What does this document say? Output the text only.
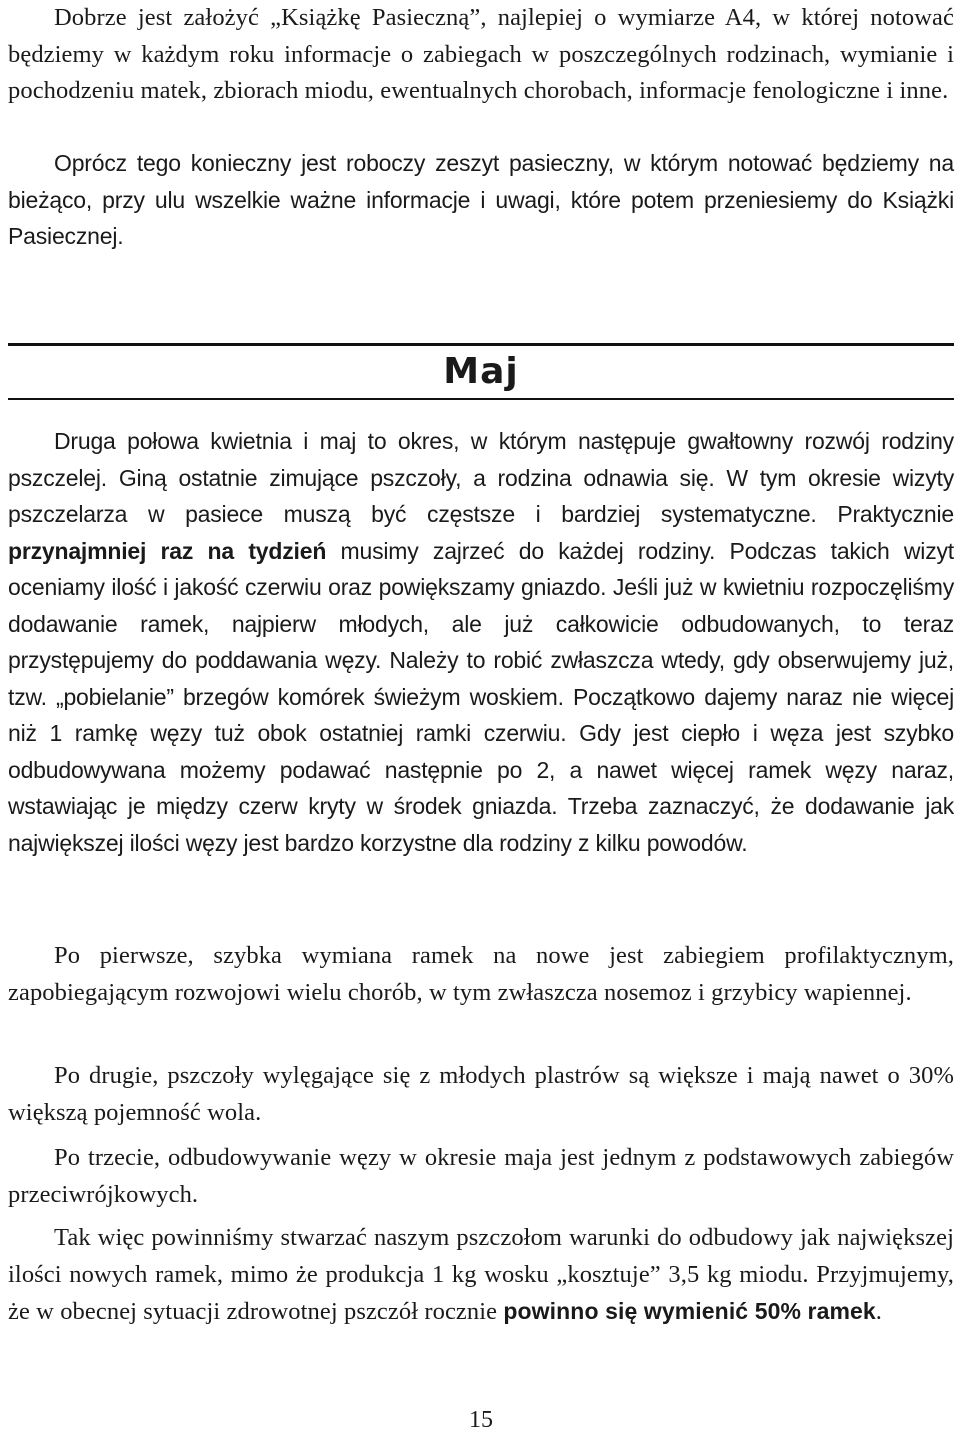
Dobrze jest założyć „Książkę Pasieczną”, najlepiej o wymiarze A4, w której notować będziemy w każdym roku informacje o zabiegach w poszczególnych rodzinach, wymianie i pochodzeniu matek, zbiorach miodu, ewentualnych chorobach, informacje fenologiczne i inne.

Oprócz tego konieczny jest roboczy zeszyt pasieczny, w którym notować będziemy na bieżąco, przy ulu wszelkie ważne informacje i uwagi, które potem przeniesiemy do Książki Pasiecznej.

Maj

Druga połowa kwietnia i maj to okres, w którym następuje gwałtowny rozwój rodziny pszczelej. Giną ostatnie zimujące pszczoły, a rodzina odnawia się. W tym okresie wizyty pszczelarza w pasiece muszą być częstsze i bardziej systematyczne. Praktycznie przynajmniej raz na tydzień musimy zajrzeć do każdej rodziny. Podczas takich wizyt oceniamy ilość i jakość czerwiu oraz powiększamy gniazdo. Jeśli już w kwietniu rozpoczęliśmy dodawanie ramek, najpierw młodych, ale już całkowicie odbudowanych, to teraz przystępujemy do poddawania węzy. Należy to robić zwłaszcza wtedy, gdy obserwujemy już, tzw. „pobielanie” brzegów komórek świeżym woskiem. Początkowo dajemy naraz nie więcej niż 1 ramkę węzy tuż obok ostatniej ramki czerwiu. Gdy jest ciepło i węza jest szybko odbudowywana możemy podawać następnie po 2, a nawet więcej ramek węzy naraz, wstawiając je między czerw kryty w środek gniazda. Trzeba zaznaczyć, że dodawanie jak największej ilości węzy jest bardzo korzystne dla rodziny z kilku powodów.

Po pierwsze, szybka wymiana ramek na nowe jest zabiegiem profilaktycznym, zapobiegającym rozwojowi wielu chorób, w tym zwłaszcza nosemoz i grzybicy wapiennej.

Po drugie, pszczoły wylęgające się z młodych plastrów są większe i mają nawet o 30% większą pojemność wola.

Po trzecie, odbudowywanie węzy w okresie maja jest jednym z podstawowych zabiegów przeciwrójkowych.

Tak więc powinniśmy stwarzać naszym pszczołom warunki do odbudowy jak największej ilości nowych ramek, mimo że produkcja 1 kg wosku „kosztuje” 3,5 kg miodu. Przyjmujemy, że w obecnej sytuacji zdrowotnej pszczół rocznie powinno się wymienić 50% ramek.

15
